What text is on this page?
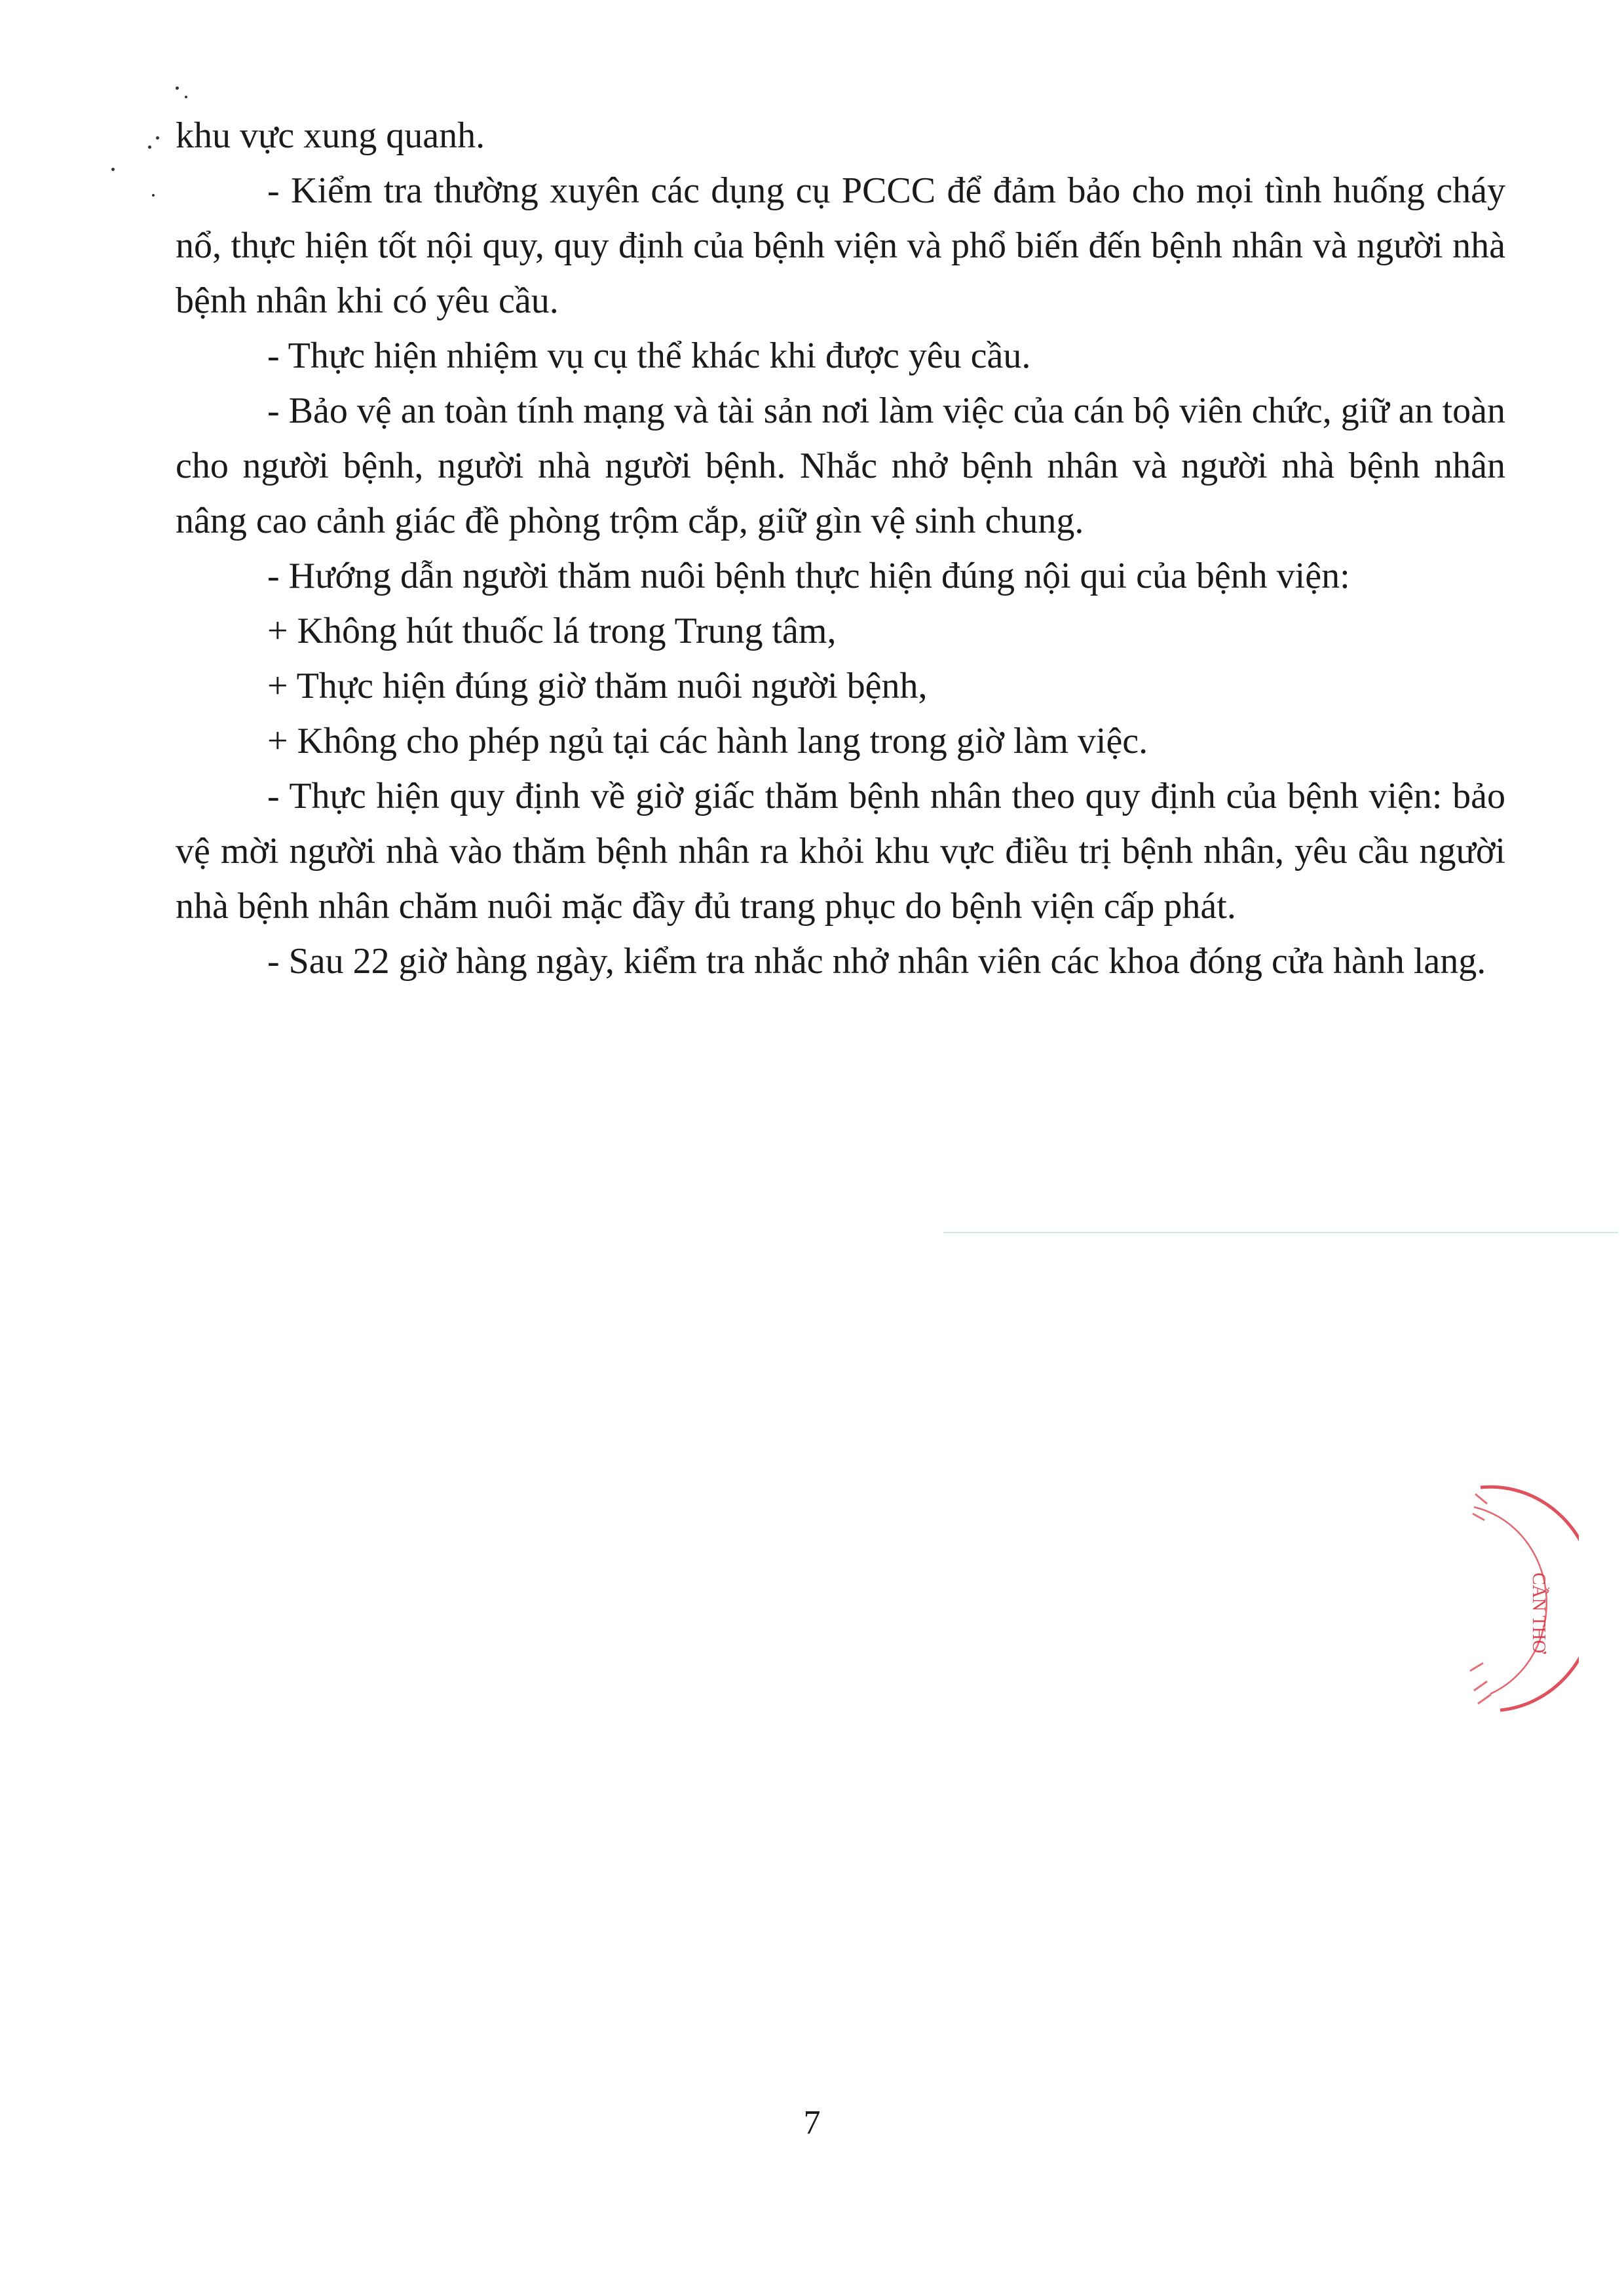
khu vực xung quanh.

- Kiểm tra thường xuyên các dụng cụ PCCC để đảm bảo cho mọi tình huống cháy nổ, thực hiện tốt nội quy, quy định của bệnh viện và phổ biến đến bệnh nhân và người nhà bệnh nhân khi có yêu cầu.

- Thực hiện nhiệm vụ cụ thể khác khi được yêu cầu.

- Bảo vệ an toàn tính mạng và tài sản nơi làm việc của cán bộ viên chức, giữ an toàn cho người bệnh, người nhà người bệnh. Nhắc nhở bệnh nhân và người nhà bệnh nhân nâng cao cảnh giác đề phòng trộm cắp, giữ gìn vệ sinh chung.

- Hướng dẫn người thăm nuôi bệnh thực hiện đúng nội qui của bệnh viện:

+ Không hút thuốc lá trong Trung tâm,

+ Thực hiện đúng giờ thăm nuôi người bệnh,

+ Không cho phép ngủ tại các hành lang trong giờ làm việc.

- Thực hiện quy định về giờ giấc thăm bệnh nhân theo quy định của bệnh viện: bảo vệ mời người nhà vào thăm bệnh nhân ra khỏi khu vực điều trị bệnh nhân, yêu cầu người nhà bệnh nhân chăm nuôi mặc đầy đủ trang phục do bệnh viện cấp phát.

- Sau 22 giờ hàng ngày, kiểm tra nhắc nhở nhân viên các khoa đóng cửa hành lang.

CẦN THƠ
7
